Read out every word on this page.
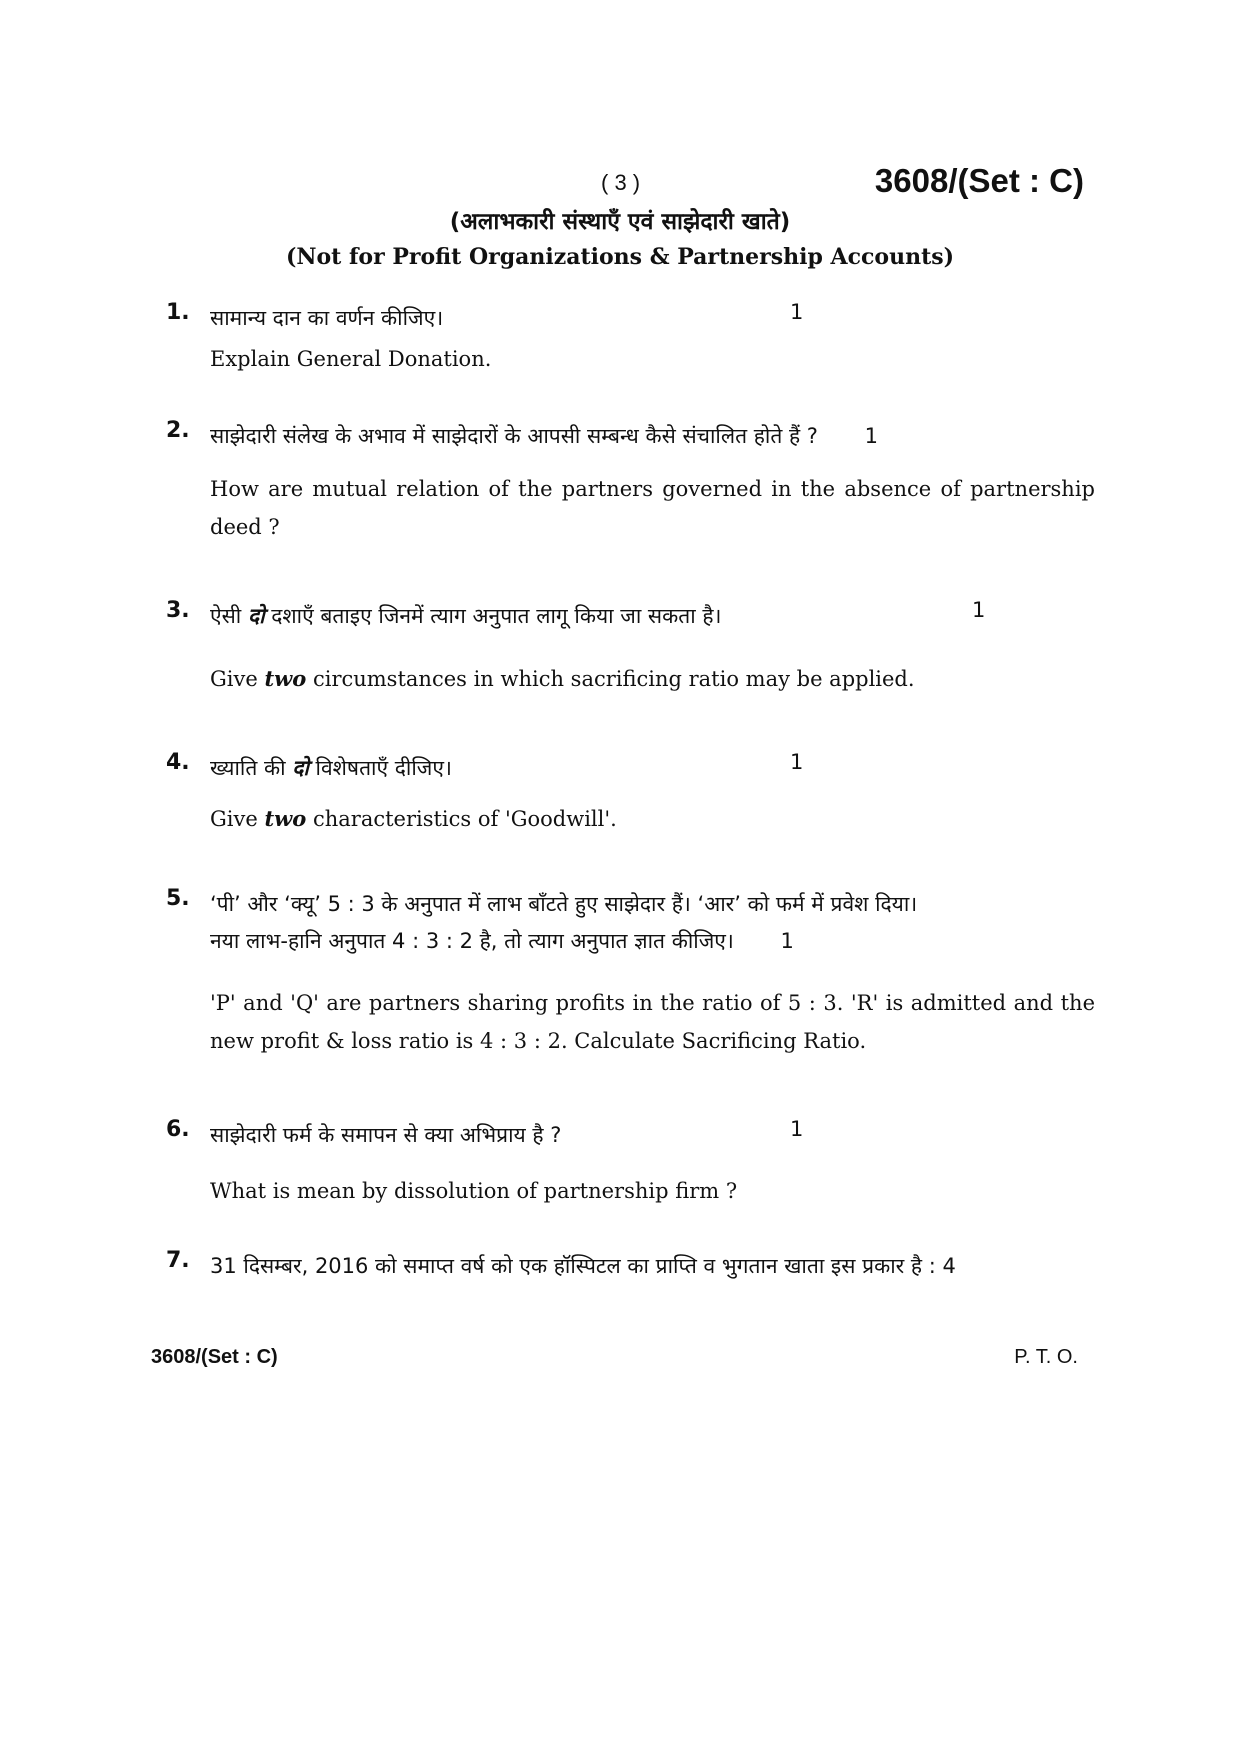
( 3 )	3608/(Set : C)
(अलाभकारी संस्थाएँ एवं साझेदारी खाते)
(Not for Profit Organizations & Partnership Accounts)
1. सामान्य दान का वर्णन कीजिए।	1
Explain General Donation.
2. साझेदारी संलेख के अभाव में साझेदारों के आपसी सम्बन्ध कैसे संचालित होते हैं ? 1
How are mutual relation of the partners governed in the absence of partnership deed ?
3. ऐसी दो दशाएँ बताइए जिनमें त्याग अनुपात लागू किया जा सकता है।	1
Give two circumstances in which sacrificing ratio may be applied.
4. ख्याति की दो विशेषताएँ दीजिए।	1
Give two characteristics of 'Goodwill'.
5. ‘पी’ और ‘क्यू’ 5 : 3 के अनुपात में लाभ बाँटते हुए साझेदार हैं। ‘आर’ को फर्म में प्रवेश दिया।
नया लाभ-हानि अनुपात 4 : 3 : 2 है, तो त्याग अनुपात ज्ञात कीजिए। 1
'P' and 'Q' are partners sharing profits in the ratio of 5 : 3. 'R' is admitted and the new profit & loss ratio is 4 : 3 : 2. Calculate Sacrificing Ratio.
6. साझेदारी फर्म के समापन से क्या अभिप्राय है ?	1
What is mean by dissolution of partnership firm ?
7. 31 दिसम्बर, 2016 को समाप्त वर्ष को एक हॉस्पिटल का प्राप्ति व भुगतान खाता इस प्रकार है : 4
3608/(Set : C)	P. T. O.
